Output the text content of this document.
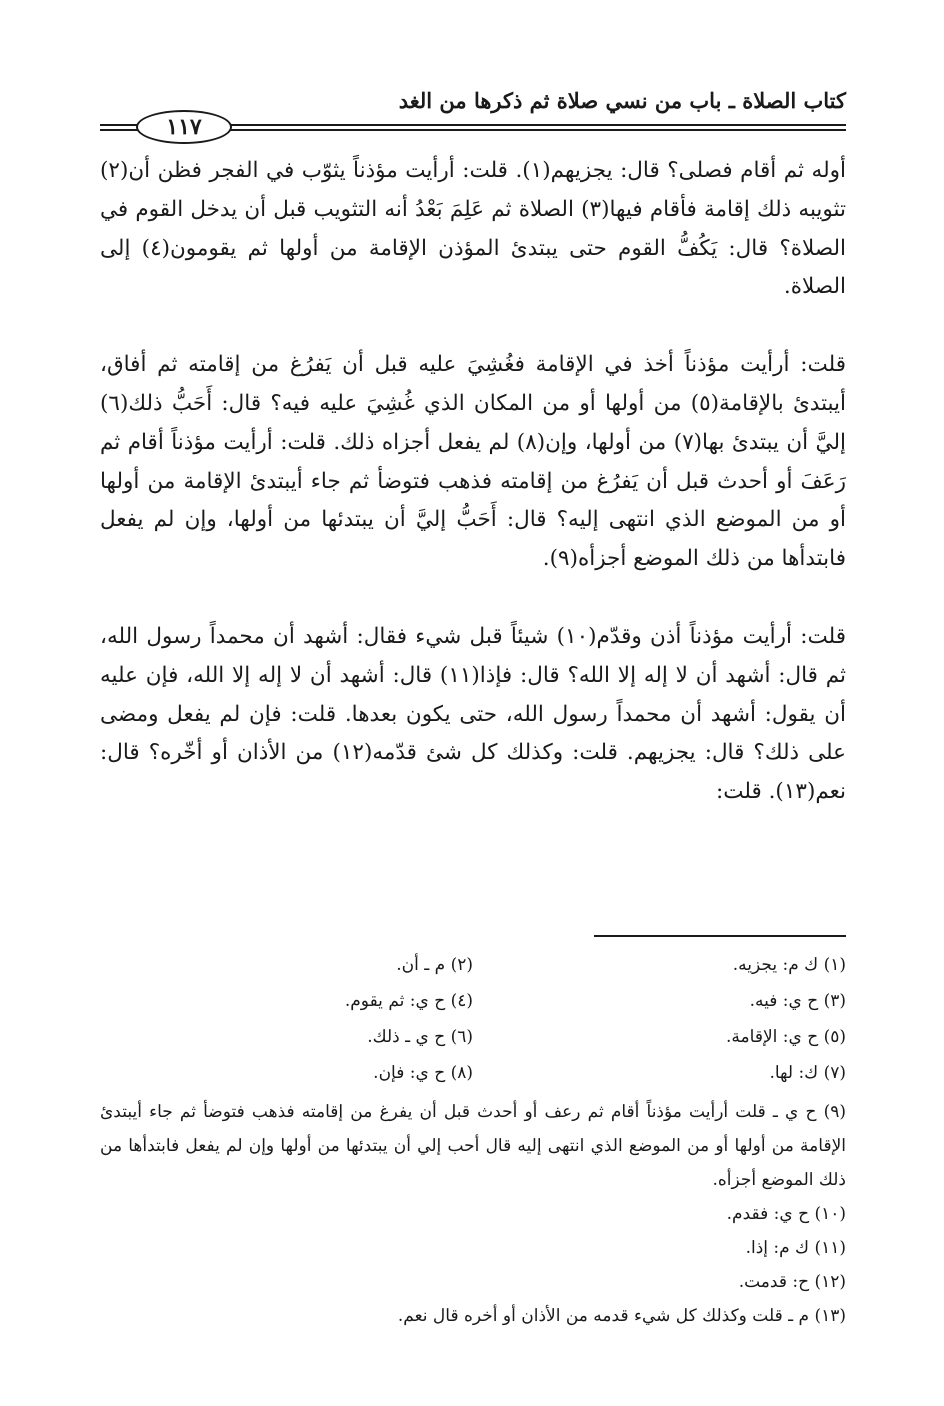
كتاب الصلاة ـ باب من نسي صلاة ثم ذكرها من الغد
١١٧

أوله ثم أقام فصلى؟ قال: يجزيهم(١). قلت: أرأيت مؤذناً يثوّب في الفجر فظن أن(٢) تثويبه ذلك إقامة فأقام فيها(٣) الصلاة ثم عَلِمَ بَعْدُ أنه التثويب قبل أن يدخل القوم في الصلاة؟ قال: يَكُفُّ القوم حتى يبتدئ المؤذن الإقامة من أولها ثم يقومون(٤) إلى الصلاة.

قلت: أرأيت مؤذناً أخذ في الإقامة فغُشِيَ عليه قبل أن يَفرُغ من إقامته ثم أفاق، أيبتدئ بالإقامة(٥) من أولها أو من المكان الذي غُشِيَ عليه فيه؟ قال: أَحَبُّ ذلك(٦) إليَّ أن يبتدئ بها(٧) من أولها، وإن(٨) لم يفعل أجزاه ذلك. قلت: أرأيت مؤذناً أقام ثم رَعَفَ أو أحدث قبل أن يَفرُغ من إقامته فذهب فتوضأ ثم جاء أيبتدئ الإقامة من أولها أو من الموضع الذي انتهى إليه؟ قال: أَحَبُّ إليَّ أن يبتدئها من أولها، وإن لم يفعل فابتدأها من ذلك الموضع أجزأه(٩).

قلت: أرأيت مؤذناً أذن وقدّم(١٠) شيئاً قبل شيء فقال: أشهد أن محمداً رسول الله، ثم قال: أشهد أن لا إله إلا الله؟ قال: فإذا(١١) قال: أشهد أن لا إله إلا الله، فإن عليه أن يقول: أشهد أن محمداً رسول الله، حتى يكون بعدها. قلت: فإن لم يفعل ومضى على ذلك؟ قال: يجزيهم. قلت: وكذلك كل شئ قدّمه(١٢) من الأذان أو أخّره؟ قال: نعم(١٣). قلت:

(١) ك م: يجزيه.
(٢) م ـ أن.
(٣) ح ي: فيه.
(٤) ح ي: ثم يقوم.
(٥) ح ي: الإقامة.
(٦) ح ي ـ ذلك.
(٧) ك: لها.
(٨) ح ي: فإن.
(٩) ح ي ـ قلت أرأيت مؤذناً أقام ثم رعف أو أحدث قبل أن يفرغ من إقامته فذهب فتوضأ ثم جاء أيبتدئ الإقامة من أولها أو من الموضع الذي انتهى إليه قال أحب إلي أن يبتدئها من أولها وإن لم يفعل فابتدأها من ذلك الموضع أجزأه.
(١٠) ح ي: فقدم.
(١١) ك م: إذا.
(١٢) ح: قدمت.
(١٣) م ـ قلت وكذلك كل شيء قدمه من الأذان أو أخره قال نعم.
